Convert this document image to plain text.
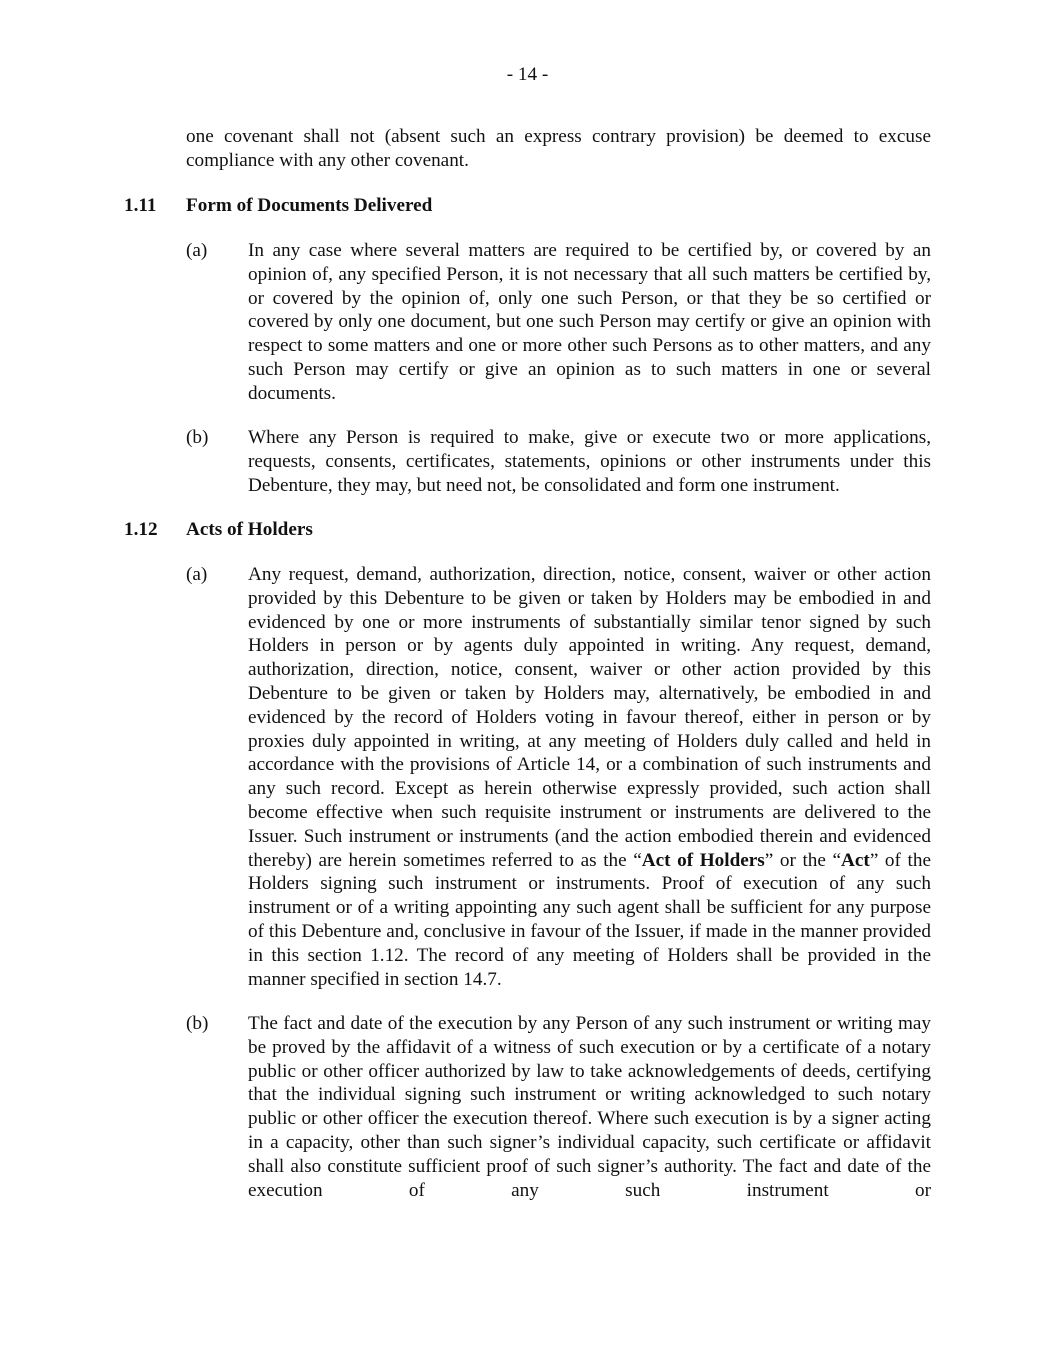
- 14 -
one covenant shall not (absent such an express contrary provision) be deemed to excuse compliance with any other covenant.
1.11 Form of Documents Delivered
(a) In any case where several matters are required to be certified by, or covered by an opinion of, any specified Person, it is not necessary that all such matters be certified by, or covered by the opinion of, only one such Person, or that they be so certified or covered by only one document, but one such Person may certify or give an opinion with respect to some matters and one or more other such Persons as to other matters, and any such Person may certify or give an opinion as to such matters in one or several documents.
(b) Where any Person is required to make, give or execute two or more applications, requests, consents, certificates, statements, opinions or other instruments under this Debenture, they may, but need not, be consolidated and form one instrument.
1.12 Acts of Holders
(a) Any request, demand, authorization, direction, notice, consent, waiver or other action provided by this Debenture to be given or taken by Holders may be embodied in and evidenced by one or more instruments of substantially similar tenor signed by such Holders in person or by agents duly appointed in writing. Any request, demand, authorization, direction, notice, consent, waiver or other action provided by this Debenture to be given or taken by Holders may, alternatively, be embodied in and evidenced by the record of Holders voting in favour thereof, either in person or by proxies duly appointed in writing, at any meeting of Holders duly called and held in accordance with the provisions of Article 14, or a combination of such instruments and any such record. Except as herein otherwise expressly provided, such action shall become effective when such requisite instrument or instruments are delivered to the Issuer. Such instrument or instruments (and the action embodied therein and evidenced thereby) are herein sometimes referred to as the “Act of Holders” or the “Act” of the Holders signing such instrument or instruments. Proof of execution of any such instrument or of a writing appointing any such agent shall be sufficient for any purpose of this Debenture and, conclusive in favour of the Issuer, if made in the manner provided in this section 1.12. The record of any meeting of Holders shall be provided in the manner specified in section 14.7.
(b) The fact and date of the execution by any Person of any such instrument or writing may be proved by the affidavit of a witness of such execution or by a certificate of a notary public or other officer authorized by law to take acknowledgements of deeds, certifying that the individual signing such instrument or writing acknowledged to such notary public or other officer the execution thereof. Where such execution is by a signer acting in a capacity, other than such signer’s individual capacity, such certificate or affidavit shall also constitute sufficient proof of such signer’s authority. The fact and date of the execution of any such instrument or
